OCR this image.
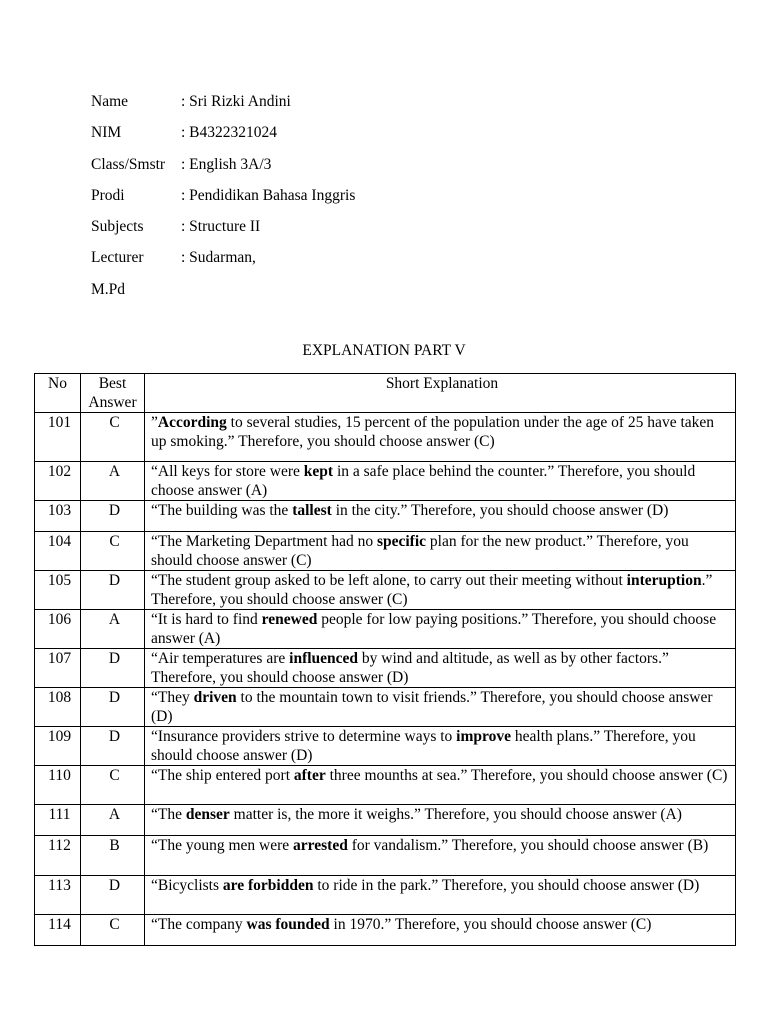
Name	: Sri Rizki Andini
NIM	: B4322321024
Class/Smstr : English 3A/3
Prodi	: Pendidikan Bahasa Inggris
Subjects : Structure II
Lecturer : Sudarman,
M.Pd
EXPLANATION PART V
No	Best Answer	Short Explanation
101	C	”According to several studies, 15 percent of the population under the age of 25 have taken up smoking.” Therefore, you should choose answer (C)
102	A	“All keys for store were kept in a safe place behind the counter.” Therefore, you should choose answer (A)
103	D	“The building was the tallest in the city.” Therefore, you should choose answer (D)
104	C	“The Marketing Department had no specific plan for the new product.” Therefore, you should choose answer (C)
105	D	“The student group asked to be left alone, to carry out their meeting without interuption.” Therefore, you should choose answer (C)
106	A	“It is hard to find renewed people for low paying positions.” Therefore, you should choose answer (A)
107	D	“Air temperatures are influenced by wind and altitude, as well as by other factors.” Therefore, you should choose answer (D)
108	D	“They driven to the mountain town to visit friends.” Therefore, you should choose answer (D)
109	D	“Insurance providers strive to determine ways to improve health plans.” Therefore, you should choose answer (D)
110	C	“The ship entered port after three mounths at sea.” Therefore, you should choose answer (C)
111	A	“The denser matter is, the more it weighs.” Therefore, you should choose answer (A)
112	B	“The young men were arrested for vandalism.” Therefore, you should choose answer (B)
113	D	“Bicyclists are forbidden to ride in the park.” Therefore, you should choose answer (D)
114	C	“The company was founded in 1970.” Therefore, you should choose answer (C)
